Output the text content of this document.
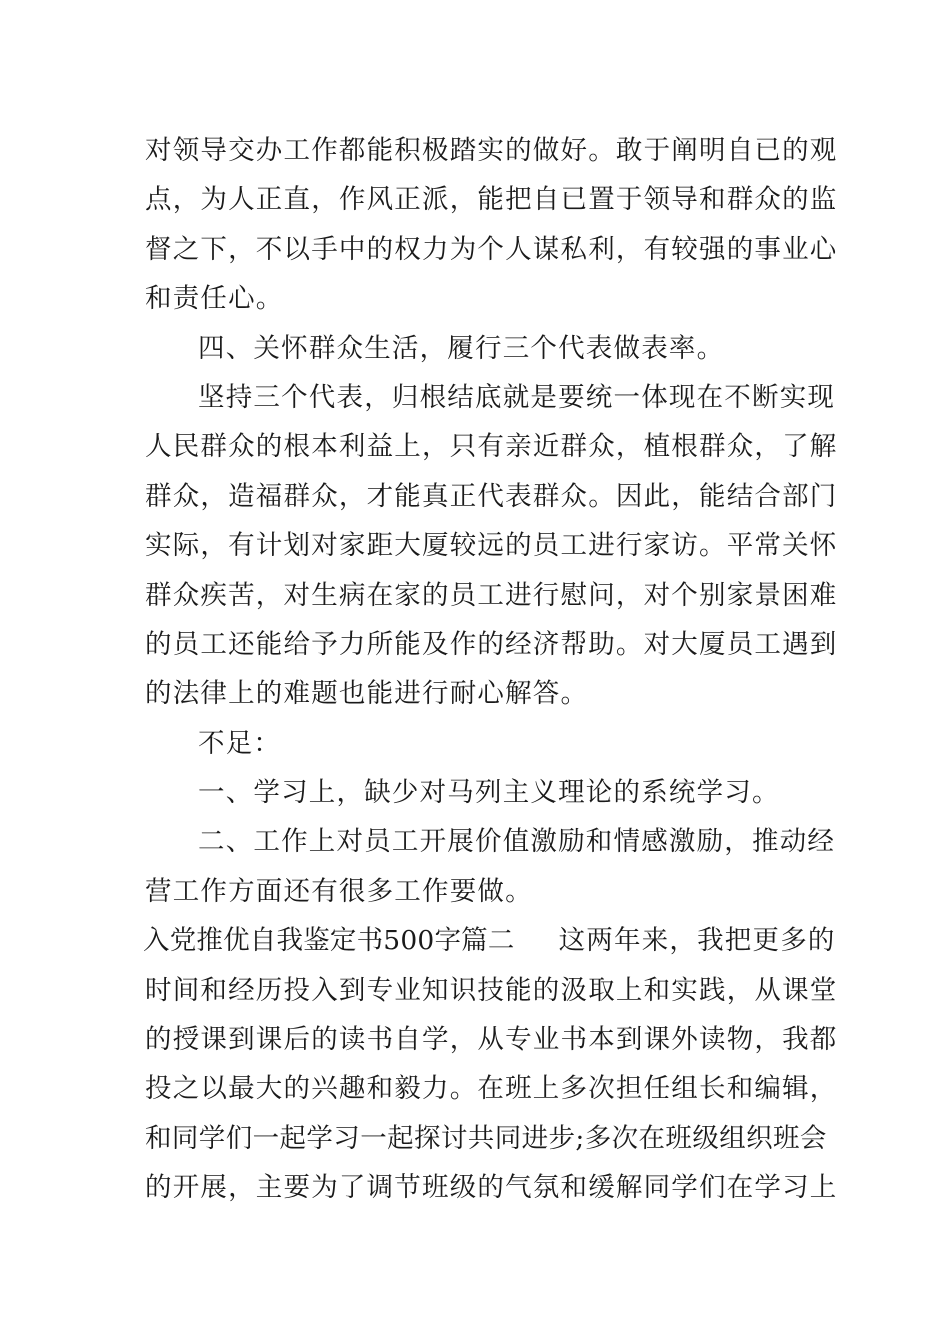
对领导交办工作都能积极踏实的做好。敢于阐明自已的观
点，为人正直，作风正派，能把自已置于领导和群众的监
督之下，不以手中的权力为个人谋私利，有较强的事业心
和责任心。
四、关怀群众生活，履行三个代表做表率。
坚持三个代表，归根结底就是要统一体现在不断实现
人民群众的根本利益上，只有亲近群众，植根群众，了解
群众，造福群众，才能真正代表群众。因此，能结合部门
实际，有计划对家距大厦较远的员工进行家访。平常关怀
群众疾苦，对生病在家的员工进行慰问，对个别家景困难
的员工还能给予力所能及作的经济帮助。对大厦员工遇到
的法律上的难题也能进行耐心解答。
不足：
一、学习上，缺少对马列主义理论的系统学习。
二、工作上对员工开展价值激励和情感激励，推动经
营工作方面还有很多工作要做。
入党推优自我鉴定书500字篇二 这两年来，我把更多的
时间和经历投入到专业知识技能的汲取上和实践，从课堂
的授课到课后的读书自学，从专业书本到课外读物，我都
投之以最大的兴趣和毅力。在班上多次担任组长和编辑，
和同学们一起学习一起探讨共同进步;多次在班级组织班会
的开展，主要为了调节班级的气氛和缓解同学们在学习上
